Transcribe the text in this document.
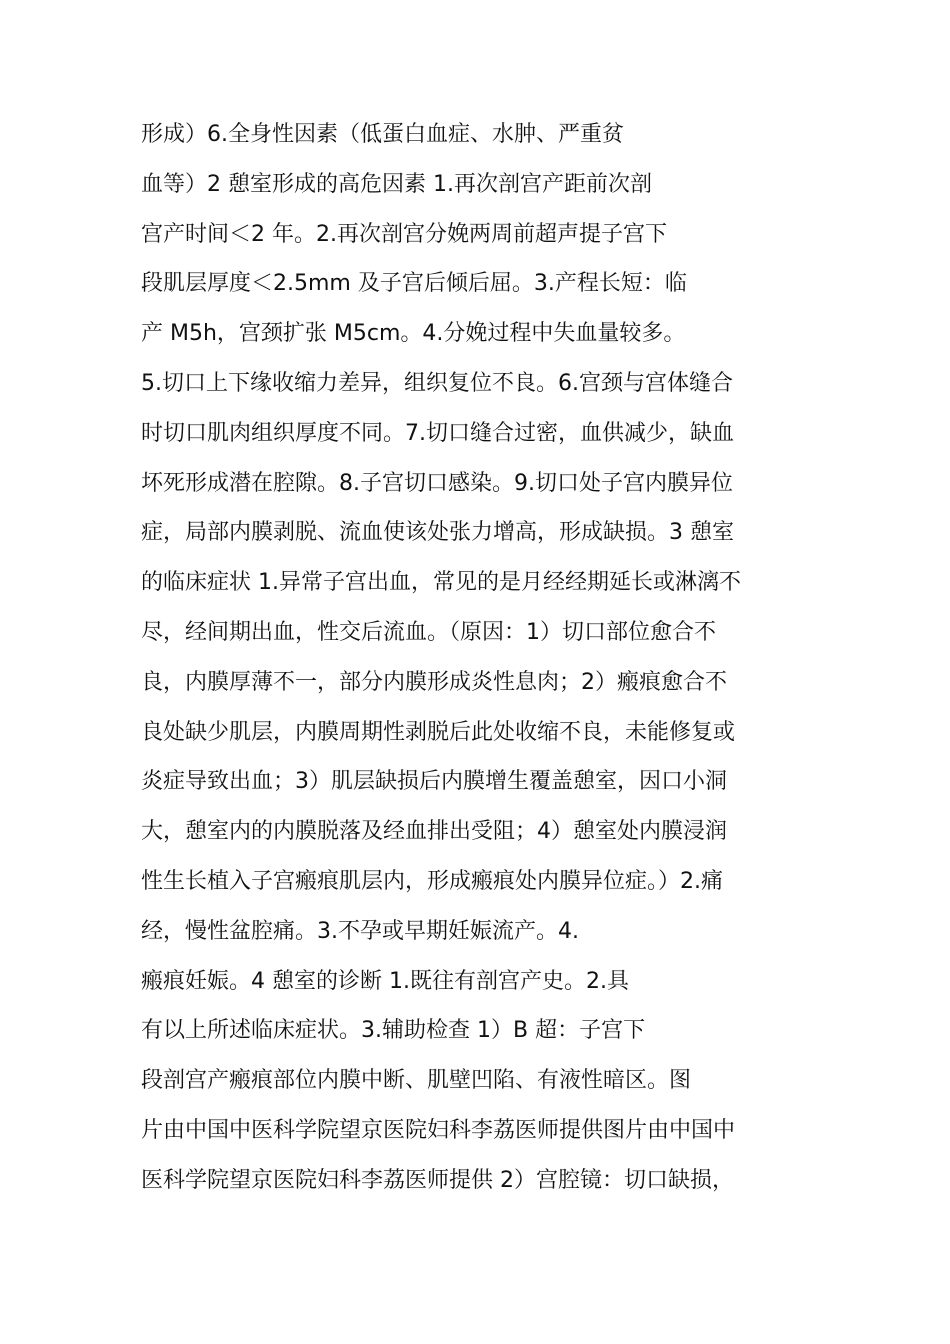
形成）6.全身性因素（低蛋白血症、水肿、严重贫
血等）2 憩室形成的高危因素 1.再次剖宫产距前次剖
宫产时间＜2 年。2.再次剖宫分娩两周前超声提子宫下
段肌层厚度＜2.5mm 及子宫后倾后屈。3.产程长短：临
产 M5h，宫颈扩张 M5cm。4.分娩过程中失血量较多。
5.切口上下缘收缩力差异，组织复位不良。6.宫颈与宫体缝合
时切口肌肉组织厚度不同。7.切口缝合过密，血供减少，缺血
坏死形成潜在腔隙。8.子宫切口感染。9.切口处子宫内膜异位
症，局部内膜剥脱、流血使该处张力增高，形成缺损。3 憩室
的临床症状 1.异常子宫出血，常见的是月经经期延长或淋漓不
尽，经间期出血，性交后流血。（原因：1）切口部位愈合不
良，内膜厚薄不一，部分内膜形成炎性息肉；2）瘢痕愈合不
良处缺少肌层，内膜周期性剥脱后此处收缩不良，未能修复或
炎症导致出血；3）肌层缺损后内膜增生覆盖憩室，因口小洞
大，憩室内的内膜脱落及经血排出受阻；4）憩室处内膜浸润
性生长植入子宫瘢痕肌层内，形成瘢痕处内膜异位症。）2.痛
经，慢性盆腔痛。3.不孕或早期妊娠流产。4.
瘢痕妊娠。4 憩室的诊断 1.既往有剖宫产史。2.具
有以上所述临床症状。3.辅助检查 1）B 超：子宫下
段剖宫产瘢痕部位内膜中断、肌壁凹陷、有液性暗区。图
片由中国中医科学院望京医院妇科李荔医师提供图片由中国中
医科学院望京医院妇科李荔医师提供 2）宫腔镜：切口缺损，
